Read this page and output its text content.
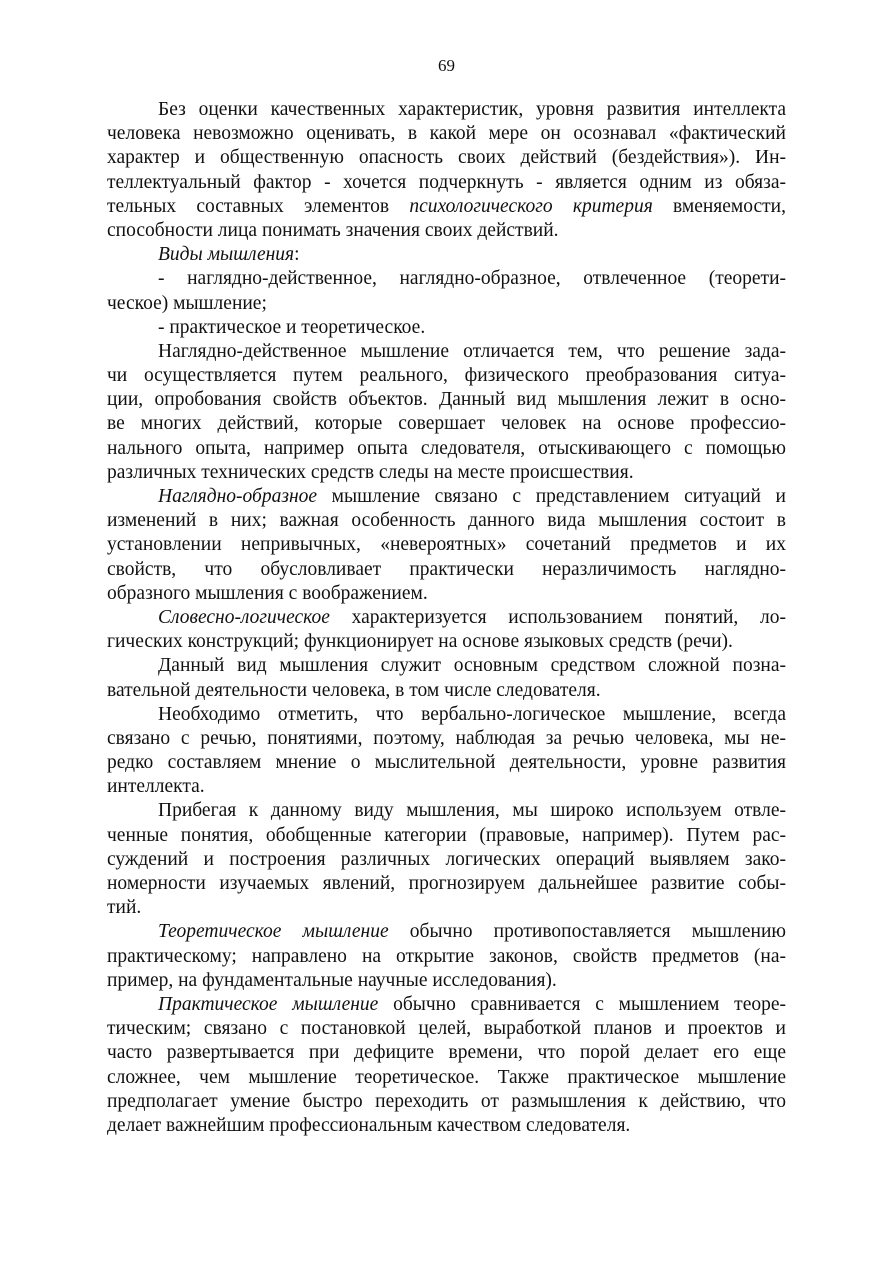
69
Без оценки качественных характеристик, уровня развития интеллекта
человека невозможно оценивать, в какой мере он осознавал «фактический
характер и общественную опасность своих действий (бездействия»). Ин-
теллектуальный фактор - хочется подчеркнуть - является одним из обяза-
тельных составных элементов психологического критерия вменяемости,
способности лица понимать значения своих действий.
Виды мышления:
- наглядно-действенное, наглядно-образное, отвлеченное (теорети-
ческое) мышление;
- практическое и теоретическое.
Наглядно-действенное мышление отличается тем, что решение зада-
чи осуществляется путем реального, физического преобразования ситуа-
ции, опробования свойств объектов. Данный вид мышления лежит в осно-
ве многих действий, которые совершает человек на основе профессио-
нального опыта, например опыта следователя, отыскивающего с помощью
различных технических средств следы на месте происшествия.
Наглядно-образное мышление связано с представлением ситуаций и
изменений в них; важная особенность данного вида мышления состоит в
установлении непривычных, «невероятных» сочетаний предметов и их
свойств, что обусловливает практически неразличимость наглядно-
образного мышления с воображением.
Словесно-логическое характеризуется использованием понятий, ло-
гических конструкций; функционирует на основе языковых средств (речи).
Данный вид мышления служит основным средством сложной позна-
вательной деятельности человека, в том числе следователя.
Необходимо отметить, что вербально-логическое мышление, всегда
связано с речью, понятиями, поэтому, наблюдая за речью человека, мы не-
редко составляем мнение о мыслительной деятельности, уровне развития
интеллекта.
Прибегая к данному виду мышления, мы широко используем отвле-
ченные понятия, обобщенные категории (правовые, например). Путем рас-
суждений и построения различных логических операций выявляем зако-
номерности изучаемых явлений, прогнозируем дальнейшее развитие собы-
тий.
Теоретическое мышление обычно противопоставляется мышлению
практическому; направлено на открытие законов, свойств предметов (на-
пример, на фундаментальные научные исследования).
Практическое мышление обычно сравнивается с мышлением теоре-
тическим; связано с постановкой целей, выработкой планов и проектов и
часто развертывается при дефиците времени, что порой делает его еще
сложнее, чем мышление теоретическое. Также практическое мышление
предполагает умение быстро переходить от размышления к действию, что
делает важнейшим профессиональным качеством следователя.
